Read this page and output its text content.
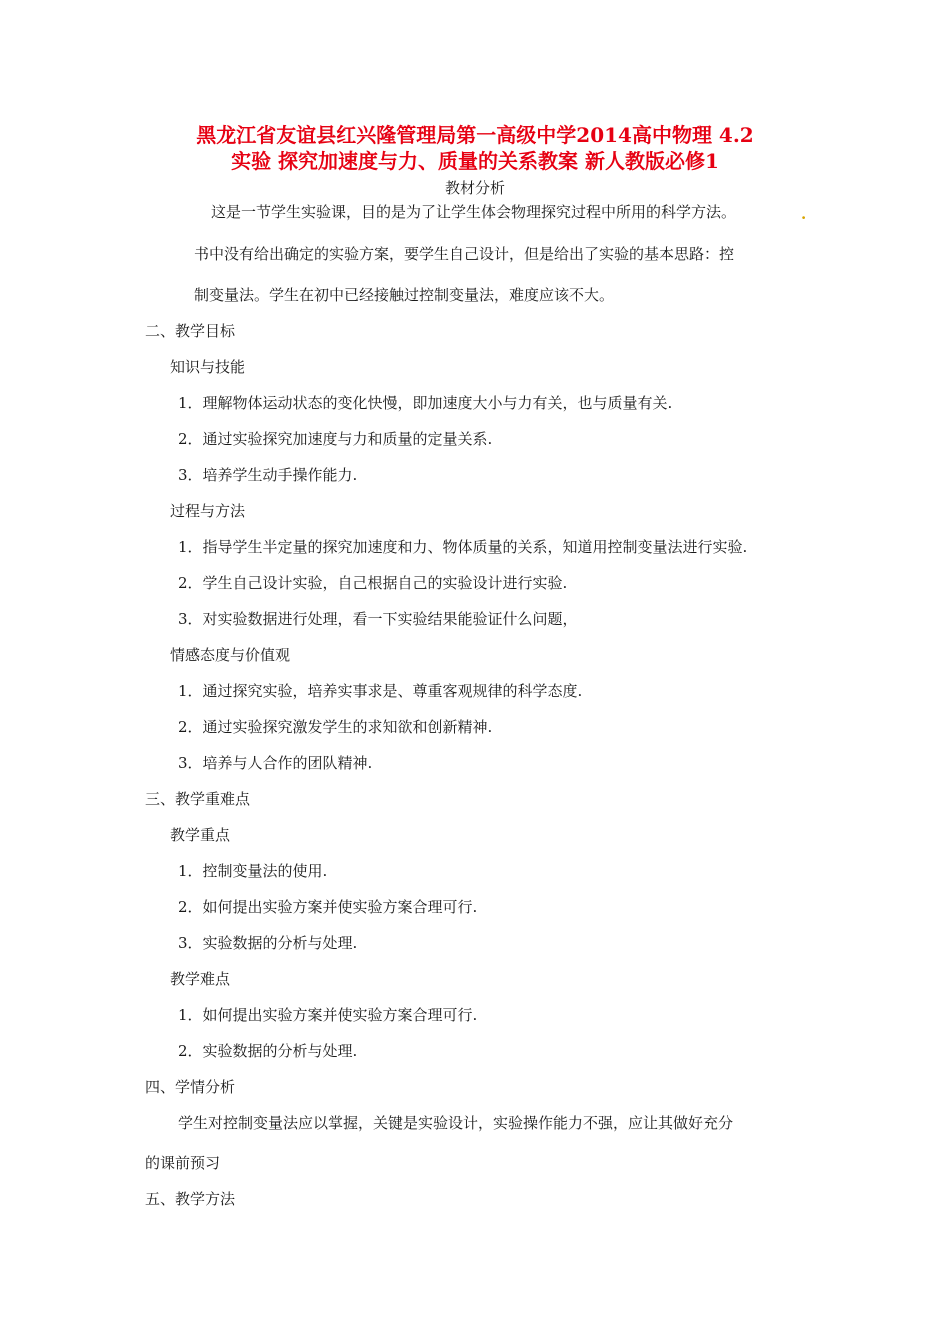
黑龙江省友谊县红兴隆管理局第一高级中学2014高中物理 4.2
实验 探究加速度与力、质量的关系教案 新人教版必修1
教材分析
这是一节学生实验课，目的是为了让学生体会物理探究过程中所用的科学方法。	.
书中没有给出确定的实验方案，要学生自己设计，但是给出了实验的基本思路：控
制变量法。学生在初中已经接触过控制变量法，难度应该不大。
二、教学目标
知识与技能
1．理解物体运动状态的变化快慢，即加速度大小与力有关，也与质量有关.
2．通过实验探究加速度与力和质量的定量关系.
3．培养学生动手操作能力.
过程与方法
1．指导学生半定量的探究加速度和力、物体质量的关系，知道用控制变量法进行实验.
2．学生自己设计实验，自己根据自己的实验设计进行实验.
3．对实验数据进行处理，看一下实验结果能验证什么问题，
情感态度与价值观
1．通过探究实验，培养实事求是、尊重客观规律的科学态度.
2．通过实验探究激发学生的求知欲和创新精神.
3．培养与人合作的团队精神.
三、教学重难点
教学重点
1．控制变量法的使用.
2．如何提出实验方案并使实验方案合理可行.
3．实验数据的分析与处理.
教学难点
1．如何提出实验方案并使实验方案合理可行.
2．实验数据的分析与处理.
四、学情分析
学生对控制变量法应以掌握，关键是实验设计，实验操作能力不强，应让其做好充分
的课前预习
五、教学方法
